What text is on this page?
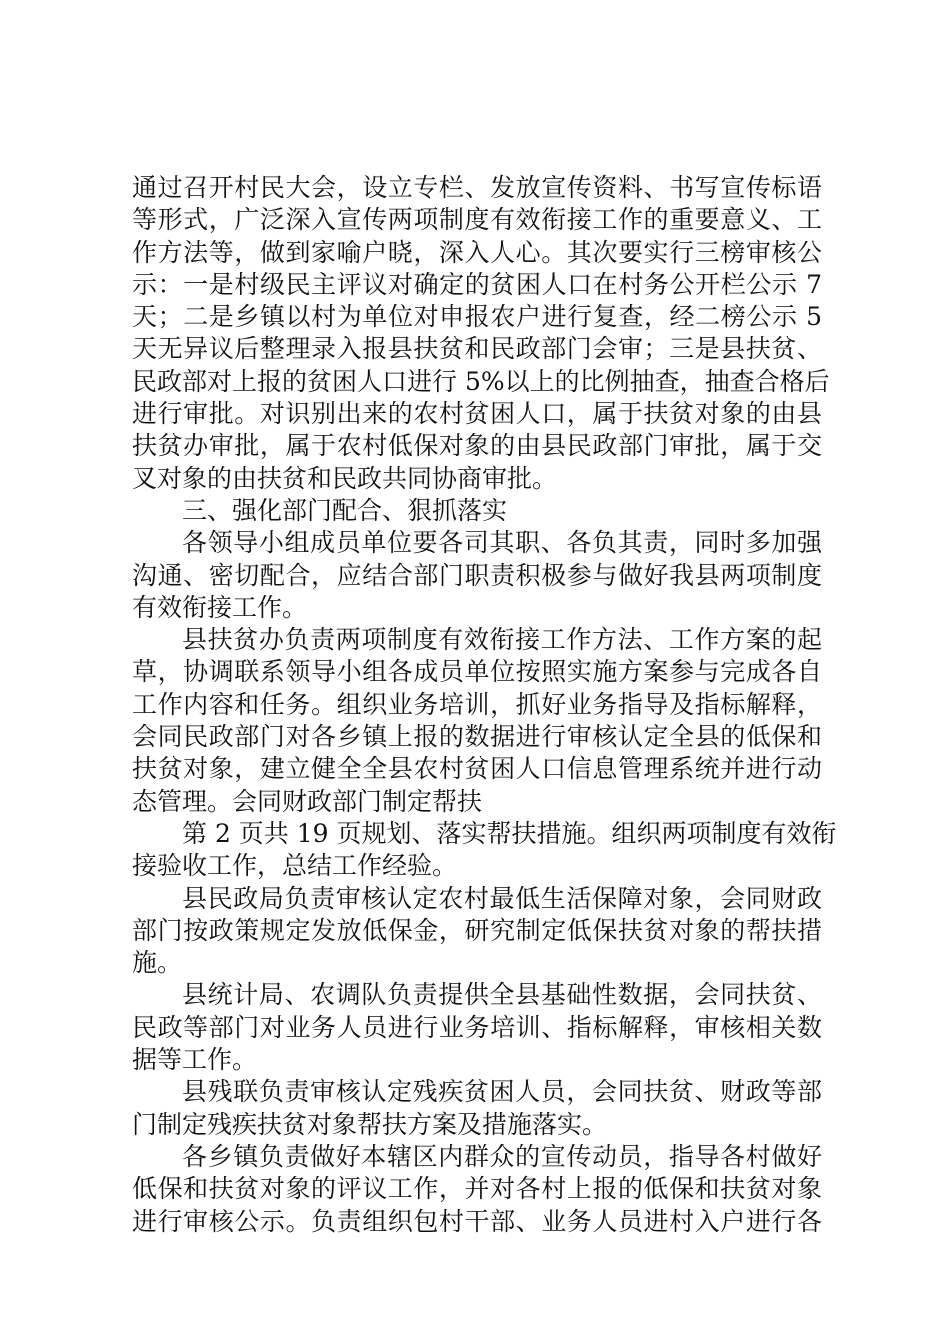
通过召开村民大会，设立专栏、发放宣传资料、书写宣传标语
等形式，广泛深入宣传两项制度有效衔接工作的重要意义、工
作方法等，做到家喻户晓，深入人心。其次要实行三榜审核公
示：一是村级民主评议对确定的贫困人口在村务公开栏公示 7
天；二是乡镇以村为单位对申报农户进行复查，经二榜公示 5
天无异议后整理录入报县扶贫和民政部门会审；三是县扶贫、
民政部对上报的贫困人口进行 5%以上的比例抽查，抽查合格后
进行审批。对识别出来的农村贫困人口，属于扶贫对象的由县
扶贫办审批，属于农村低保对象的由县民政部门审批，属于交
叉对象的由扶贫和民政共同协商审批。
三、强化部门配合、狠抓落实
各领导小组成员单位要各司其职、各负其责，同时多加强
沟通、密切配合，应结合部门职责积极参与做好我县两项制度
有效衔接工作。
县扶贫办负责两项制度有效衔接工作方法、工作方案的起
草，协调联系领导小组各成员单位按照实施方案参与完成各自
工作内容和任务。组织业务培训，抓好业务指导及指标解释，
会同民政部门对各乡镇上报的数据进行审核认定全县的低保和
扶贫对象，建立健全全县农村贫困人口信息管理系统并进行动
态管理。会同财政部门制定帮扶
第 2 页共 19 页规划、落实帮扶措施。组织两项制度有效衔
接验收工作，总结工作经验。
县民政局负责审核认定农村最低生活保障对象，会同财政
部门按政策规定发放低保金，研究制定低保扶贫对象的帮扶措
施。
县统计局、农调队负责提供全县基础性数据，会同扶贫、
民政等部门对业务人员进行业务培训、指标解释，审核相关数
据等工作。
县残联负责审核认定残疾贫困人员，会同扶贫、财政等部
门制定残疾扶贫对象帮扶方案及措施落实。
各乡镇负责做好本辖区内群众的宣传动员，指导各村做好
低保和扶贫对象的评议工作，并对各村上报的低保和扶贫对象
进行审核公示。负责组织包村干部、业务人员进村入户进行各
